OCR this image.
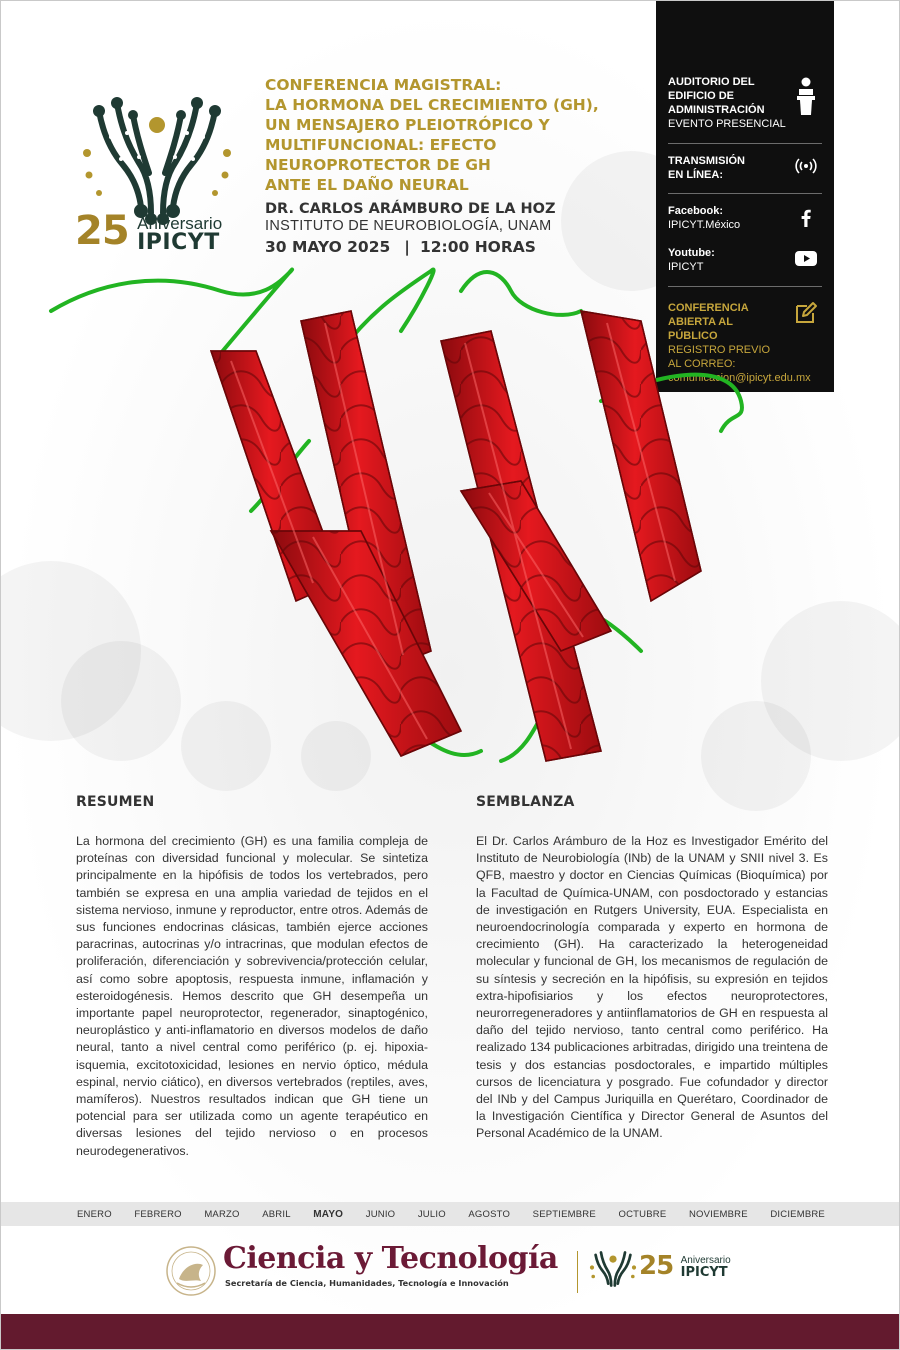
25 Aniversario
IPICYT
CONFERENCIA MAGISTRAL:
LA HORMONA DEL CRECIMIENTO (GH),
UN MENSAJERO PLEIOTRÓPICO Y
MULTIFUNCIONAL: EFECTO
NEUROPROTECTOR DE GH
ANTE EL DAÑO NEURAL
DR. CARLOS ARÁMBURO DE LA HOZ
INSTITUTO DE NEUROBIOLOGÍA, UNAM
30 MAYO 2025 | 12:00 HORAS
AUDITORIO DEL
EDIFICIO DE
ADMINISTRACIÓN
EVENTO PRESENCIAL
TRANSMISIÓN
EN LÍNEA:
Facebook:
IPICYT.México
Youtube:
IPICYT
CONFERENCIA
ABIERTA AL
PÚBLICO
REGISTRO PREVIO
AL CORREO:
comunicacion@ipicyt.edu.mx
RESUMEN

La hormona del crecimiento (GH) es una familia compleja de proteínas con diversidad funcional y molecular. Se sintetiza principalmente en la hipófisis de todos los vertebrados, pero también se expresa en una amplia variedad de tejidos en el sistema nervioso, inmune y reproductor, entre otros. Además de sus funciones endocrinas clásicas, también ejerce acciones paracrinas, autocrinas y/o intracrinas, que modulan efectos de proliferación, diferenciación y sobrevivencia/protección celular, así como sobre apoptosis, respuesta inmune, inflamación y esteroidogénesis. Hemos descrito que GH desempeña un importante papel neuroprotector, regenerador, sinaptogénico, neuroplástico y anti-inflamatorio en diversos modelos de daño neural, tanto a nivel central como periférico (p. ej. hipoxia- isquemia, excitotoxicidad, lesiones en nervio óptico, médula espinal, nervio ciático), en diversos vertebrados (reptiles, aves, mamíferos). Nuestros resultados indican que GH tiene un potencial para ser utilizada como un agente terapéutico en diversas lesiones del tejido nervioso o en procesos neurodegenerativos.

SEMBLANZA

El Dr. Carlos Arámburo de la Hoz es Investigador Emérito del Instituto de Neurobiología (INb) de la UNAM y SNII nivel 3. Es QFB, maestro y doctor en Ciencias Químicas (Bioquímica) por la Facultad de Química-UNAM, con posdoctorado y estancias de investigación en Rutgers University, EUA. Especialista en neuroendocrinología comparada y experto en hormona de crecimiento (GH). Ha caracterizado la heterogeneidad molecular y funcional de GH, los mecanismos de regulación de su síntesis y secreción en la hipófisis, su expresión en tejidos extra-hipofisiarios y los efectos neuroprotectores, neurorregeneradores y antiinflamatorios de GH en respuesta al daño del tejido nervioso, tanto central como periférico. Ha realizado 134 publicaciones arbitradas, dirigido una treintena de tesis y dos estancias posdoctorales, e impartido múltiples cursos de licenciatura y posgrado. Fue cofundador y director del INb y del Campus Juriquilla en Querétaro, Coordinador de la Investigación Científica y Director General de Asuntos del Personal Académico de la UNAM.

ENERO FEBRERO MARZO ABRIL MAYO JUNIO JULIO AGOSTO SEPTIEMBRE OCTUBRE NOVIEMBRE DICIEMBRE
Ciencia y Tecnología
Secretaría de Ciencia, Humanidades, Tecnología e Innovación
25 Aniversario
IPICYT
